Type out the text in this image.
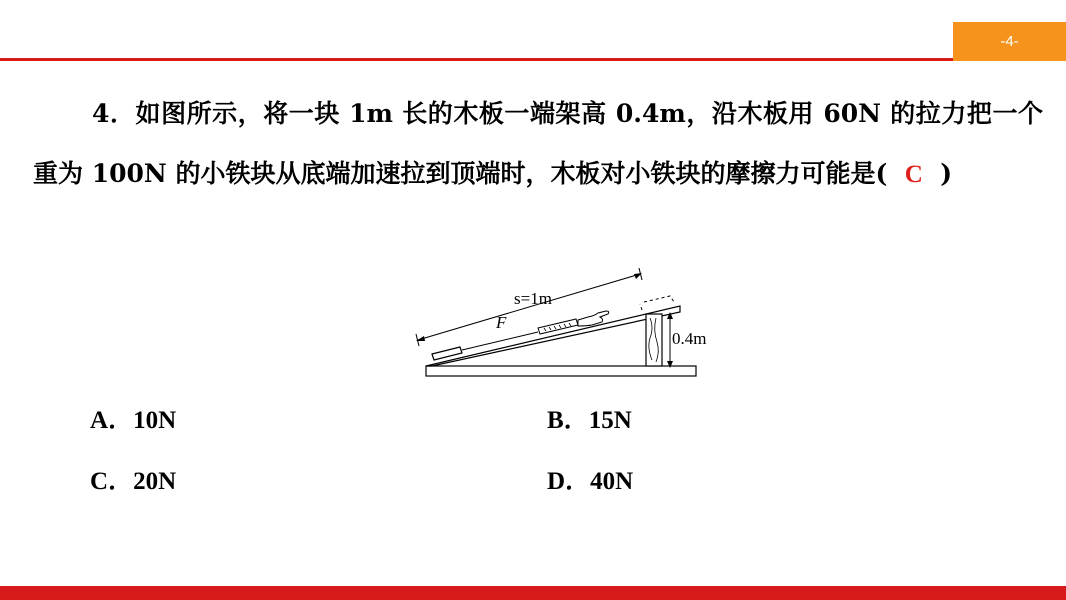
-4-
4．如图所示，将一块 1m 长的木板一端架高 0.4m，沿木板用 60N 的拉力把一个重为 100N 的小铁块从底端加速拉到顶端时，木板对小铁块的摩擦力可能是( C )
0.4m
s=1m
F
A．10N	B．15N
C．20N	D．40N
